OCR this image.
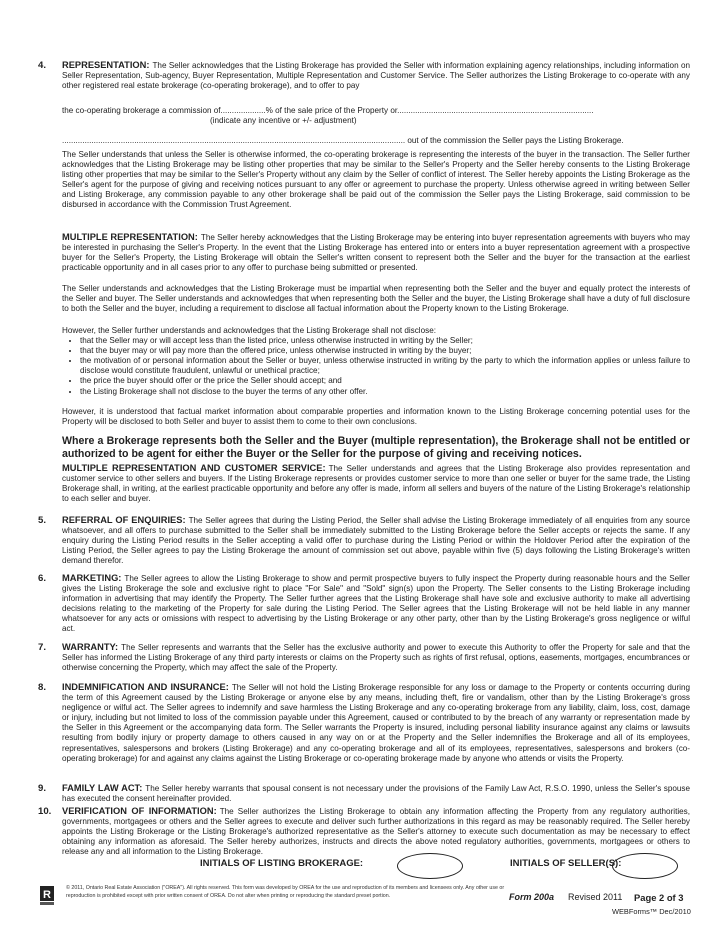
4. REPRESENTATION: The Seller acknowledges that the Listing Brokerage has provided the Seller with information explaining agency relationships, including information on Seller Representation, Sub-agency, Buyer Representation, Multiple Representation and Customer Service. The Seller authorizes the Listing Brokerage to co-operate with any other registered real estate brokerage (co-operating brokerage), and to offer to pay
the co-operating brokerage a commission of....................% of the sale price of the Property or.......................................................................................
(indicate any incentive or +/- adjustment)
........................................................................................................................................................ out of the commission the Seller pays the Listing Brokerage.
The Seller understands that unless the Seller is otherwise informed, the co-operating brokerage is representing the interests of the buyer in the transaction. The Seller further acknowledges that the Listing Brokerage may be listing other properties that may be similar to the Seller's Property and the Seller hereby consents to the Listing Brokerage listing other properties that may be similar to the Seller's Property without any claim by the Seller of conflict of interest. The Seller hereby appoints the Listing Brokerage as the Seller's agent for the purpose of giving and receiving notices pursuant to any offer or agreement to purchase the property. Unless otherwise agreed in writing between Seller and Listing Brokerage, any commission payable to any other brokerage shall be paid out of the commission the Seller pays the Listing Brokerage, said commission to be disbursed in accordance with the Commission Trust Agreement.
MULTIPLE REPRESENTATION: The Seller hereby acknowledges that the Listing Brokerage may be entering into buyer representation agreements with buyers who may be interested in purchasing the Seller's Property. In the event that the Listing Brokerage has entered into or enters into a buyer representation agreement with a prospective buyer for the Seller's Property, the Listing Brokerage will obtain the Seller's written consent to represent both the Seller and the buyer for the transaction at the earliest practicable opportunity and in all cases prior to any offer to purchase being submitted or presented.
The Seller understands and acknowledges that the Listing Brokerage must be impartial when representing both the Seller and the buyer and equally protect the interests of the Seller and buyer. The Seller understands and acknowledges that when representing both the Seller and the buyer, the Listing Brokerage shall have a duty of full disclosure to both the Seller and the buyer, including a requirement to disclose all factual information about the Property known to the Listing Brokerage.
However, the Seller further understands and acknowledges that the Listing Brokerage shall not disclose:
• that the Seller may or will accept less than the listed price, unless otherwise instructed in writing by the Seller;
• that the buyer may or will pay more than the offered price, unless otherwise instructed in writing by the buyer;
• the motivation of or personal information about the Seller or buyer, unless otherwise instructed in writing by the party to which the information applies or unless failure to disclose would constitute fraudulent, unlawful or unethical practice;
• the price the buyer should offer or the price the Seller should accept; and
• the Listing Brokerage shall not disclose to the buyer the terms of any other offer.
However, it is understood that factual market information about comparable properties and information known to the Listing Brokerage concerning potential uses for the Property will be disclosed to both Seller and buyer to assist them to come to their own conclusions.
Where a Brokerage represents both the Seller and the Buyer (multiple representation), the Brokerage shall not be entitled or authorized to be agent for either the Buyer or the Seller for the purpose of giving and receiving notices.
MULTIPLE REPRESENTATION AND CUSTOMER SERVICE: The Seller understands and agrees that the Listing Brokerage also provides representation and customer service to other sellers and buyers. If the Listing Brokerage represents or provides customer service to more than one seller or buyer for the same trade, the Listing Brokerage shall, in writing, at the earliest practicable opportunity and before any offer is made, inform all sellers and buyers of the nature of the Listing Brokerage's relationship to each seller and buyer.
5. REFERRAL OF ENQUIRIES: The Seller agrees that during the Listing Period, the Seller shall advise the Listing Brokerage immediately of all enquiries from any source whatsoever, and all offers to purchase submitted to the Seller shall be immediately submitted to the Listing Brokerage before the Seller accepts or rejects the same. If any enquiry during the Listing Period results in the Seller accepting a valid offer to purchase during the Listing Period or within the Holdover Period after the expiration of the Listing Period, the Seller agrees to pay the Listing Brokerage the amount of commission set out above, payable within five (5) days following the Listing Brokerage's written demand therefor.
6. MARKETING: The Seller agrees to allow the Listing Brokerage to show and permit prospective buyers to fully inspect the Property during reasonable hours and the Seller gives the Listing Brokerage the sole and exclusive right to place "For Sale" and "Sold" sign(s) upon the Property. The Seller consents to the Listing Brokerage including information in advertising that may identify the Property. The Seller further agrees that the Listing Brokerage shall have sole and exclusive authority to make all advertising decisions relating to the marketing of the Property for sale during the Listing Period. The Seller agrees that the Listing Brokerage will not be held liable in any manner whatsoever for any acts or omissions with respect to advertising by the Listing Brokerage or any other party, other than by the Listing Brokerage's gross negligence or wilful act.
7. WARRANTY: The Seller represents and warrants that the Seller has the exclusive authority and power to execute this Authority to offer the Property for sale and that the Seller has informed the Listing Brokerage of any third party interests or claims on the Property such as rights of first refusal, options, easements, mortgages, encumbrances or otherwise concerning the Property, which may affect the sale of the Property.
8. INDEMNIFICATION AND INSURANCE: The Seller will not hold the Listing Brokerage responsible for any loss or damage to the Property or contents occurring during the term of this Agreement caused by the Listing Brokerage or anyone else by any means, including theft, fire or vandalism, other than by the Listing Brokerage's gross negligence or wilful act. The Seller agrees to indemnify and save harmless the Listing Brokerage and any co-operating brokerage from any liability, claim, loss, cost, damage or injury, including but not limited to loss of the commission payable under this Agreement, caused or contributed to by the breach of any warranty or representation made by the Seller in this Agreement or the accompanying data form. The Seller warrants the Property is insured, including personal liability insurance against any claims or lawsuits resulting from bodily injury or property damage to others caused in any way on or at the Property and the Seller indemnifies the Brokerage and all of its employees, representatives, salespersons and brokers (Listing Brokerage) and any co-operating brokerage and all of its employees, representatives, salespersons and brokers (co-operating brokerage) for and against any claims against the Listing Brokerage or co-operating brokerage made by anyone who attends or visits the Property.
9. FAMILY LAW ACT: The Seller hereby warrants that spousal consent is not necessary under the provisions of the Family Law Act, R.S.O. 1990, unless the Seller's spouse has executed the consent hereinafter provided.
10. VERIFICATION OF INFORMATION: The Seller authorizes the Listing Brokerage to obtain any information affecting the Property from any regulatory authorities, governments, mortgagees or others and the Seller agrees to execute and deliver such further authorizations in this regard as may be reasonably required. The Seller hereby appoints the Listing Brokerage or the Listing Brokerage's authorized representative as the Seller's attorney to execute such documentation as may be necessary to effect obtaining any information as aforesaid. The Seller hereby authorizes, instructs and directs the above noted regulatory authorities, governments, mortgagees or others to release any and all information to the Listing Brokerage.
INITIALS OF LISTING BROKERAGE:	INITIALS OF SELLER(S):
R
© 2011, Ontario Real Estate Association ("OREA"). All rights reserved. This form was developed by OREA for the use and reproduction of its members and licensees only. Any other use or reproduction is prohibited except with prior written consent of OREA. Do not alter when printing or reproducing the standard preset portion.	Form 200a Revised 2011 Page 2 of 3
WEBForms™ Dec/2010
